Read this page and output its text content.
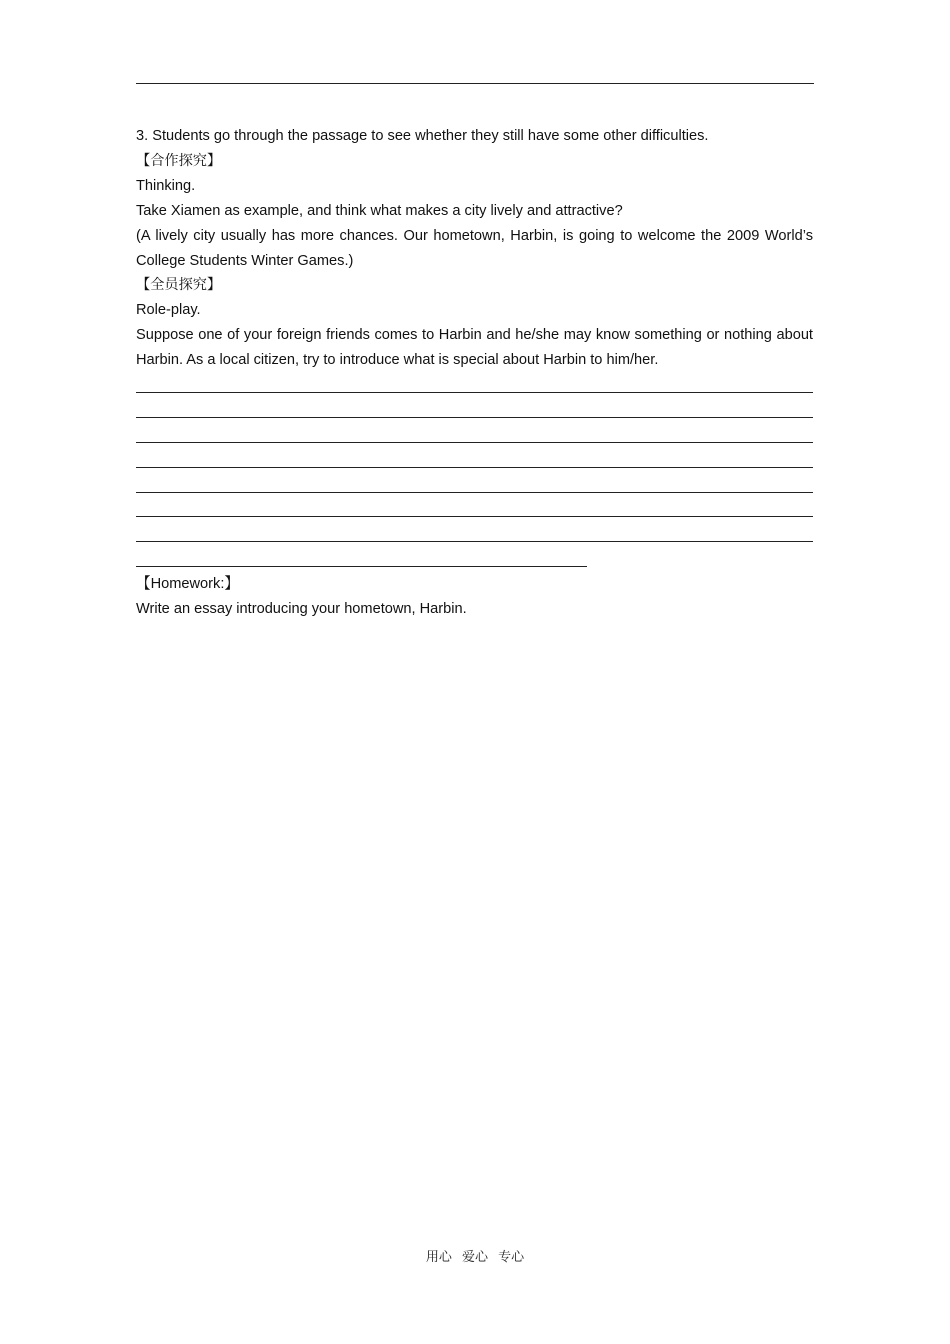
3. Students go through the passage to see whether they still have some other difficulties.

【合作探究】

Thinking.

Take Xiamen as example, and think what makes a city lively and attractive?

(A lively city usually has more chances. Our hometown, Harbin, is going to welcome the 2009 World’s College Students Winter Games.)

【全员探究】

Role-play.

Suppose one of your foreign friends comes to Harbin and he/she may know something or nothing about Harbin. As a local citizen, try to introduce what is special about Harbin to him/her.

【Homework:】

Write an essay introducing your hometown, Harbin.

用心 爱心 专心
